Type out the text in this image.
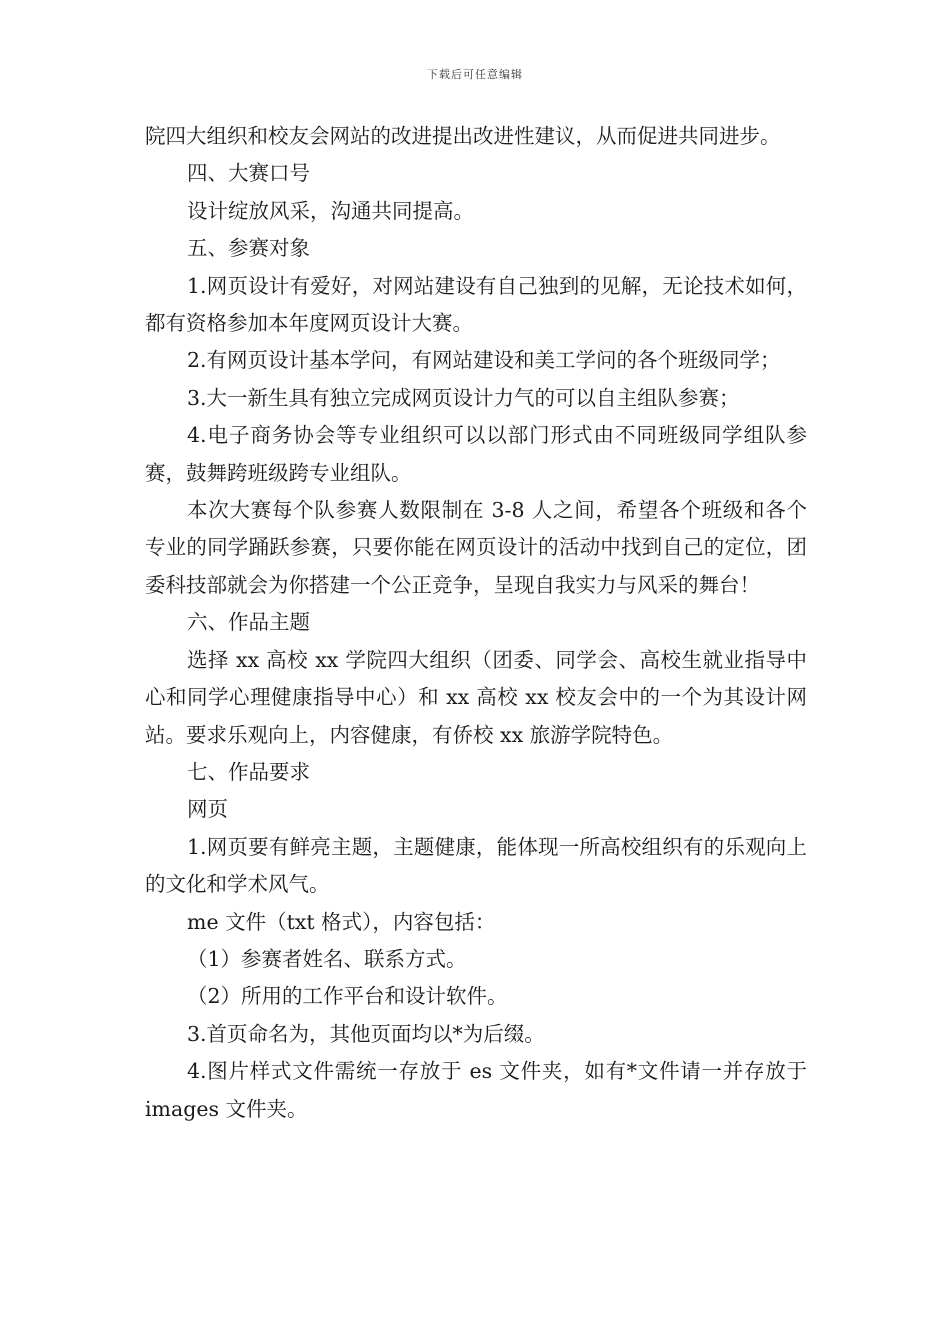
下载后可任意编辑

院四大组织和校友会网站的改进提出改进性建议，从而促进共同进步。

四、大赛口号

设计绽放风采，沟通共同提高。

五、参赛对象

1.网页设计有爱好，对网站建设有自己独到的见解，无论技术如何，都有资格参加本年度网页设计大赛。

2.有网页设计基本学问，有网站建设和美工学问的各个班级同学；

3.大一新生具有独立完成网页设计力气的可以自主组队参赛；

4.电子商务协会等专业组织可以以部门形式由不同班级同学组队参赛，鼓舞跨班级跨专业组队。

本次大赛每个队参赛人数限制在 3-8 人之间，希望各个班级和各个专业的同学踊跃参赛，只要你能在网页设计的活动中找到自己的定位，团委科技部就会为你搭建一个公正竞争，呈现自我实力与风采的舞台！

六、作品主题

选择 xx 高校 xx 学院四大组织（团委、同学会、高校生就业指导中心和同学心理健康指导中心）和 xx 高校 xx 校友会中的一个为其设计网站。要求乐观向上，内容健康，有侨校 xx 旅游学院特色。

七、作品要求

网页

1.网页要有鲜亮主题，主题健康，能体现一所高校组织有的乐观向上的文化和学术风气。

me 文件（txt 格式），内容包括：

（1）参赛者姓名、联系方式。

（2）所用的工作平台和设计软件。

3.首页命名为，其他页面均以*为后缀。

4.图片样式文件需统一存放于 es 文件夹，如有*文件请一并存放于 images 文件夹。
